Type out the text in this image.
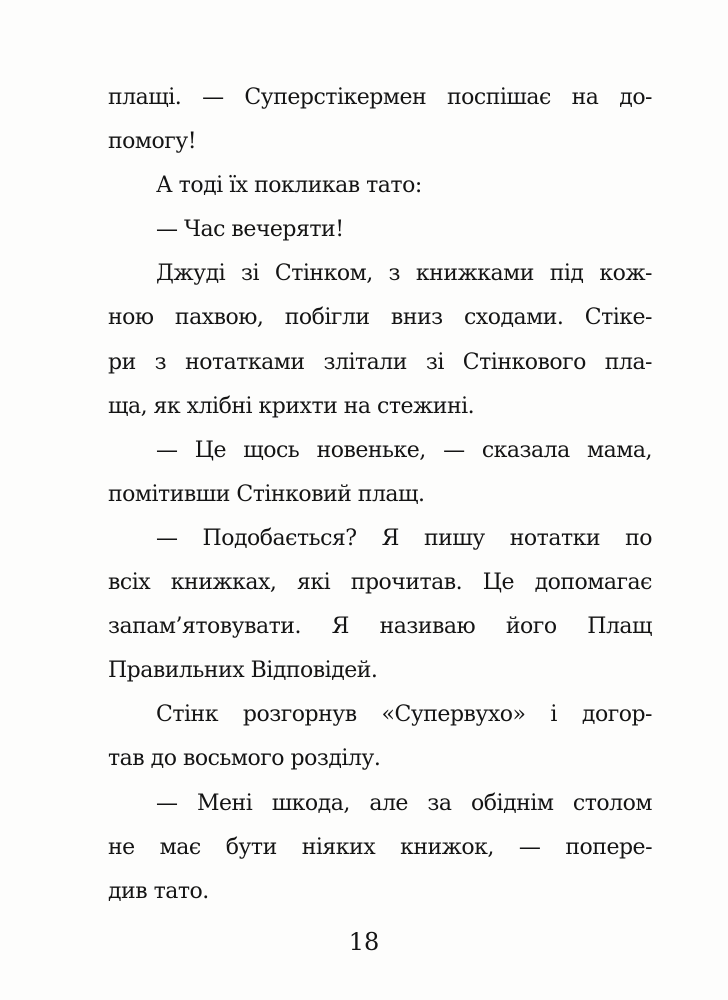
плащі. — Суперстікермен поспішає на до-
помогу!
А тоді їх покликав тато:
— Час вечеряти!
Джуді зі Стінком, з книжками під кож-
ною пахвою, побігли вниз сходами. Стіке-
ри з нотатками злітали зі Стінкового пла-
ща, як хлібні крихти на стежині.
— Це щось новеньке, — сказала мама,
помітивши Стінковий плащ.
— Подобається? Я пишу нотатки по
всіх книжках, які прочитав. Це допомагає
запам’ятовувати. Я називаю його Плащ
Правильних Відповідей.
Стінк розгорнув «Супервухо» і догор-
тав до восьмого розділу.
— Мені шкода, але за обіднім столом
не має бути ніяких книжок, — попере-
див тато.
18
